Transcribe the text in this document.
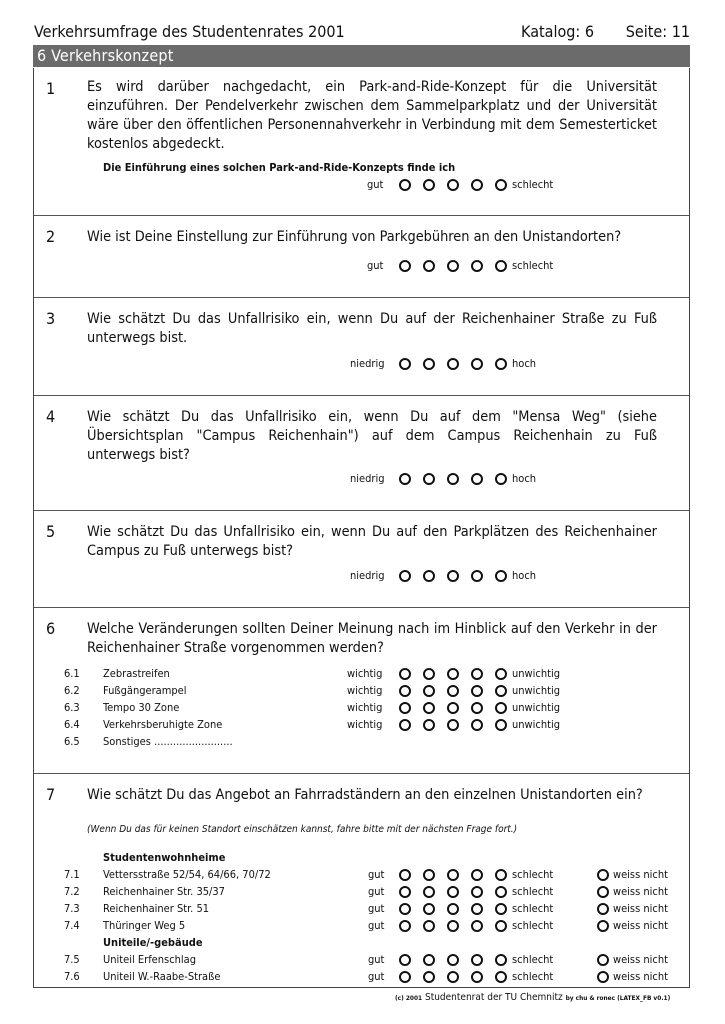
Verkehrsumfrage des Studentenrates 2001	Katalog: 6 Seite: 11
6 Verkehrskonzept
1 Es wird darüber nachgedacht, ein Park-and-Ride-Konzept für die Universität einzuführen. Der Pendelverkehr zwischen dem Sammelparkplatz und der Universität wäre über den öffentlichen Personennahverkehr in Verbindung mit dem Semesterticket kostenlos abgedeckt.
Die Einführung eines solchen Park-and-Ride-Konzepts finde ich
gut	schlecht
2 Wie ist Deine Einstellung zur Einführung von Parkgebühren an den Unistandorten?
gut	schlecht
3 Wie schätzt Du das Unfallrisiko ein, wenn Du auf der Reichenhainer Straße zu Fuß unterwegs bist.
niedrig	hoch
4 Wie schätzt Du das Unfallrisiko ein, wenn Du auf dem "Mensa Weg" (siehe Übersichtsplan "Campus Reichenhain") auf dem Campus Reichenhain zu Fuß unterwegs bist?
niedrig	hoch
5 Wie schätzt Du das Unfallrisiko ein, wenn Du auf den Parkplätzen des Reichenhainer Campus zu Fuß unterwegs bist?
niedrig	hoch
6 Welche Veränderungen sollten Deiner Meinung nach im Hinblick auf den Verkehr in der Reichenhainer Straße vorgenommen werden?
6.1 Zebrastreifen	wichtig	unwichtig
6.2 Fußgängerampel	wichtig	unwichtig
6.3 Tempo 30 Zone	wichtig	unwichtig
6.4 Verkehrsberuhigte Zone	wichtig	unwichtig
6.5 Sonstiges .........................
7 Wie schätzt Du das Angebot an Fahrradständern an den einzelnen Unistandorten ein?
(Wenn Du das für keinen Standort einschätzen kannst, fahre bitte mit der nächsten Frage fort.)
Studentenwohnheime
7.1 Vettersstraße 52/54, 64/66, 70/72	gut	schlecht	weiss nicht
7.2 Reichenhainer Str. 35/37	gut	schlecht	weiss nicht
7.3 Reichenhainer Str. 51	gut	schlecht	weiss nicht
7.4 Thüringer Weg 5	gut	schlecht	weiss nicht
Uniteile/-gebäude
7.5 Uniteil Erfenschlag	gut	schlecht	weiss nicht
7.6 Uniteil W.-Raabe-Straße	gut	schlecht	weiss nicht
(c) 2001 Studentenrat der TU Chemnitz by chu & ronec (LATEX_FB v0.1)
